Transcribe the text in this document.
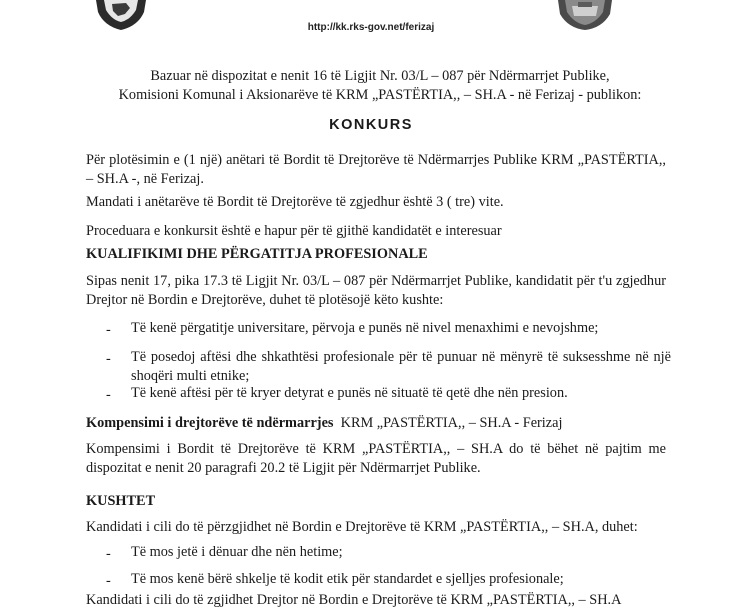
http://kk.rks-gov.net/ferizaj
Bazuar në dispozitat e nenit 16 të Ligjit Nr. 03/L – 087 për Ndërmarrjet Publike,
Komisioni Komunal i Aksionarëve të KRM „PASTËRTIA,, – SH.A - në Ferizaj - publikon:
KONKURS
Për plotësimin e (1 një) anëtari të Bordit të Drejtorëve të Ndërmarrjes Publike KRM „PASTËRTIA,, – SH.A -, në Ferizaj.
Mandati i anëtarëve të Bordit të Drejtorëve të zgjedhur është 3 ( tre) vite.
Proceduara e konkursit është e hapur për të gjithë kandidatët e interesuar
KUALIFIKIMI DHE PËRGATITJA PROFESIONALE
Sipas nenit 17, pika 17.3 të Ligjit Nr. 03/L – 087 për Ndërmarrjet Publike, kandidatit për t'u zgjedhur Drejtor në Bordin e Drejtorëve, duhet të plotësojë këto kushte:
- Të kenë përgatitje universitare, përvoja e punës në nivel menaxhimi e nevojshme;
- Të posedoj aftësi dhe shkathtësi profesionale për të punuar në mënyrë të suksesshme në një shoqëri multi etnike;
- Të kenë aftësi për të kryer detyrat e punës në situatë të qetë dhe nën presion.
Kompensimi i drejtorëve të ndërmarrjes KRM „PASTËRTIA,, – SH.A - Ferizaj
Kompensimi i Bordit të Drejtorëve të KRM „PASTËRTIA,, – SH.A do të bëhet në pajtim me dispozitat e nenit 20 paragrafi 20.2 të Ligjit për Ndërmarrjet Publike.
KUSHTET
Kandidati i cili do të përzgjidhet në Bordin e Drejtorëve të KRM „PASTËRTIA,, – SH.A, duhet:
- Të mos jetë i dënuar dhe nën hetime;
- Të mos kenë bërë shkelje të kodit etik për standardet e sjelljes profesionale;
Kandidati i cili do të zgjidhet Drejtor në Bordin e Drejtorëve të KRM „PASTËRTIA,, – SH.A
